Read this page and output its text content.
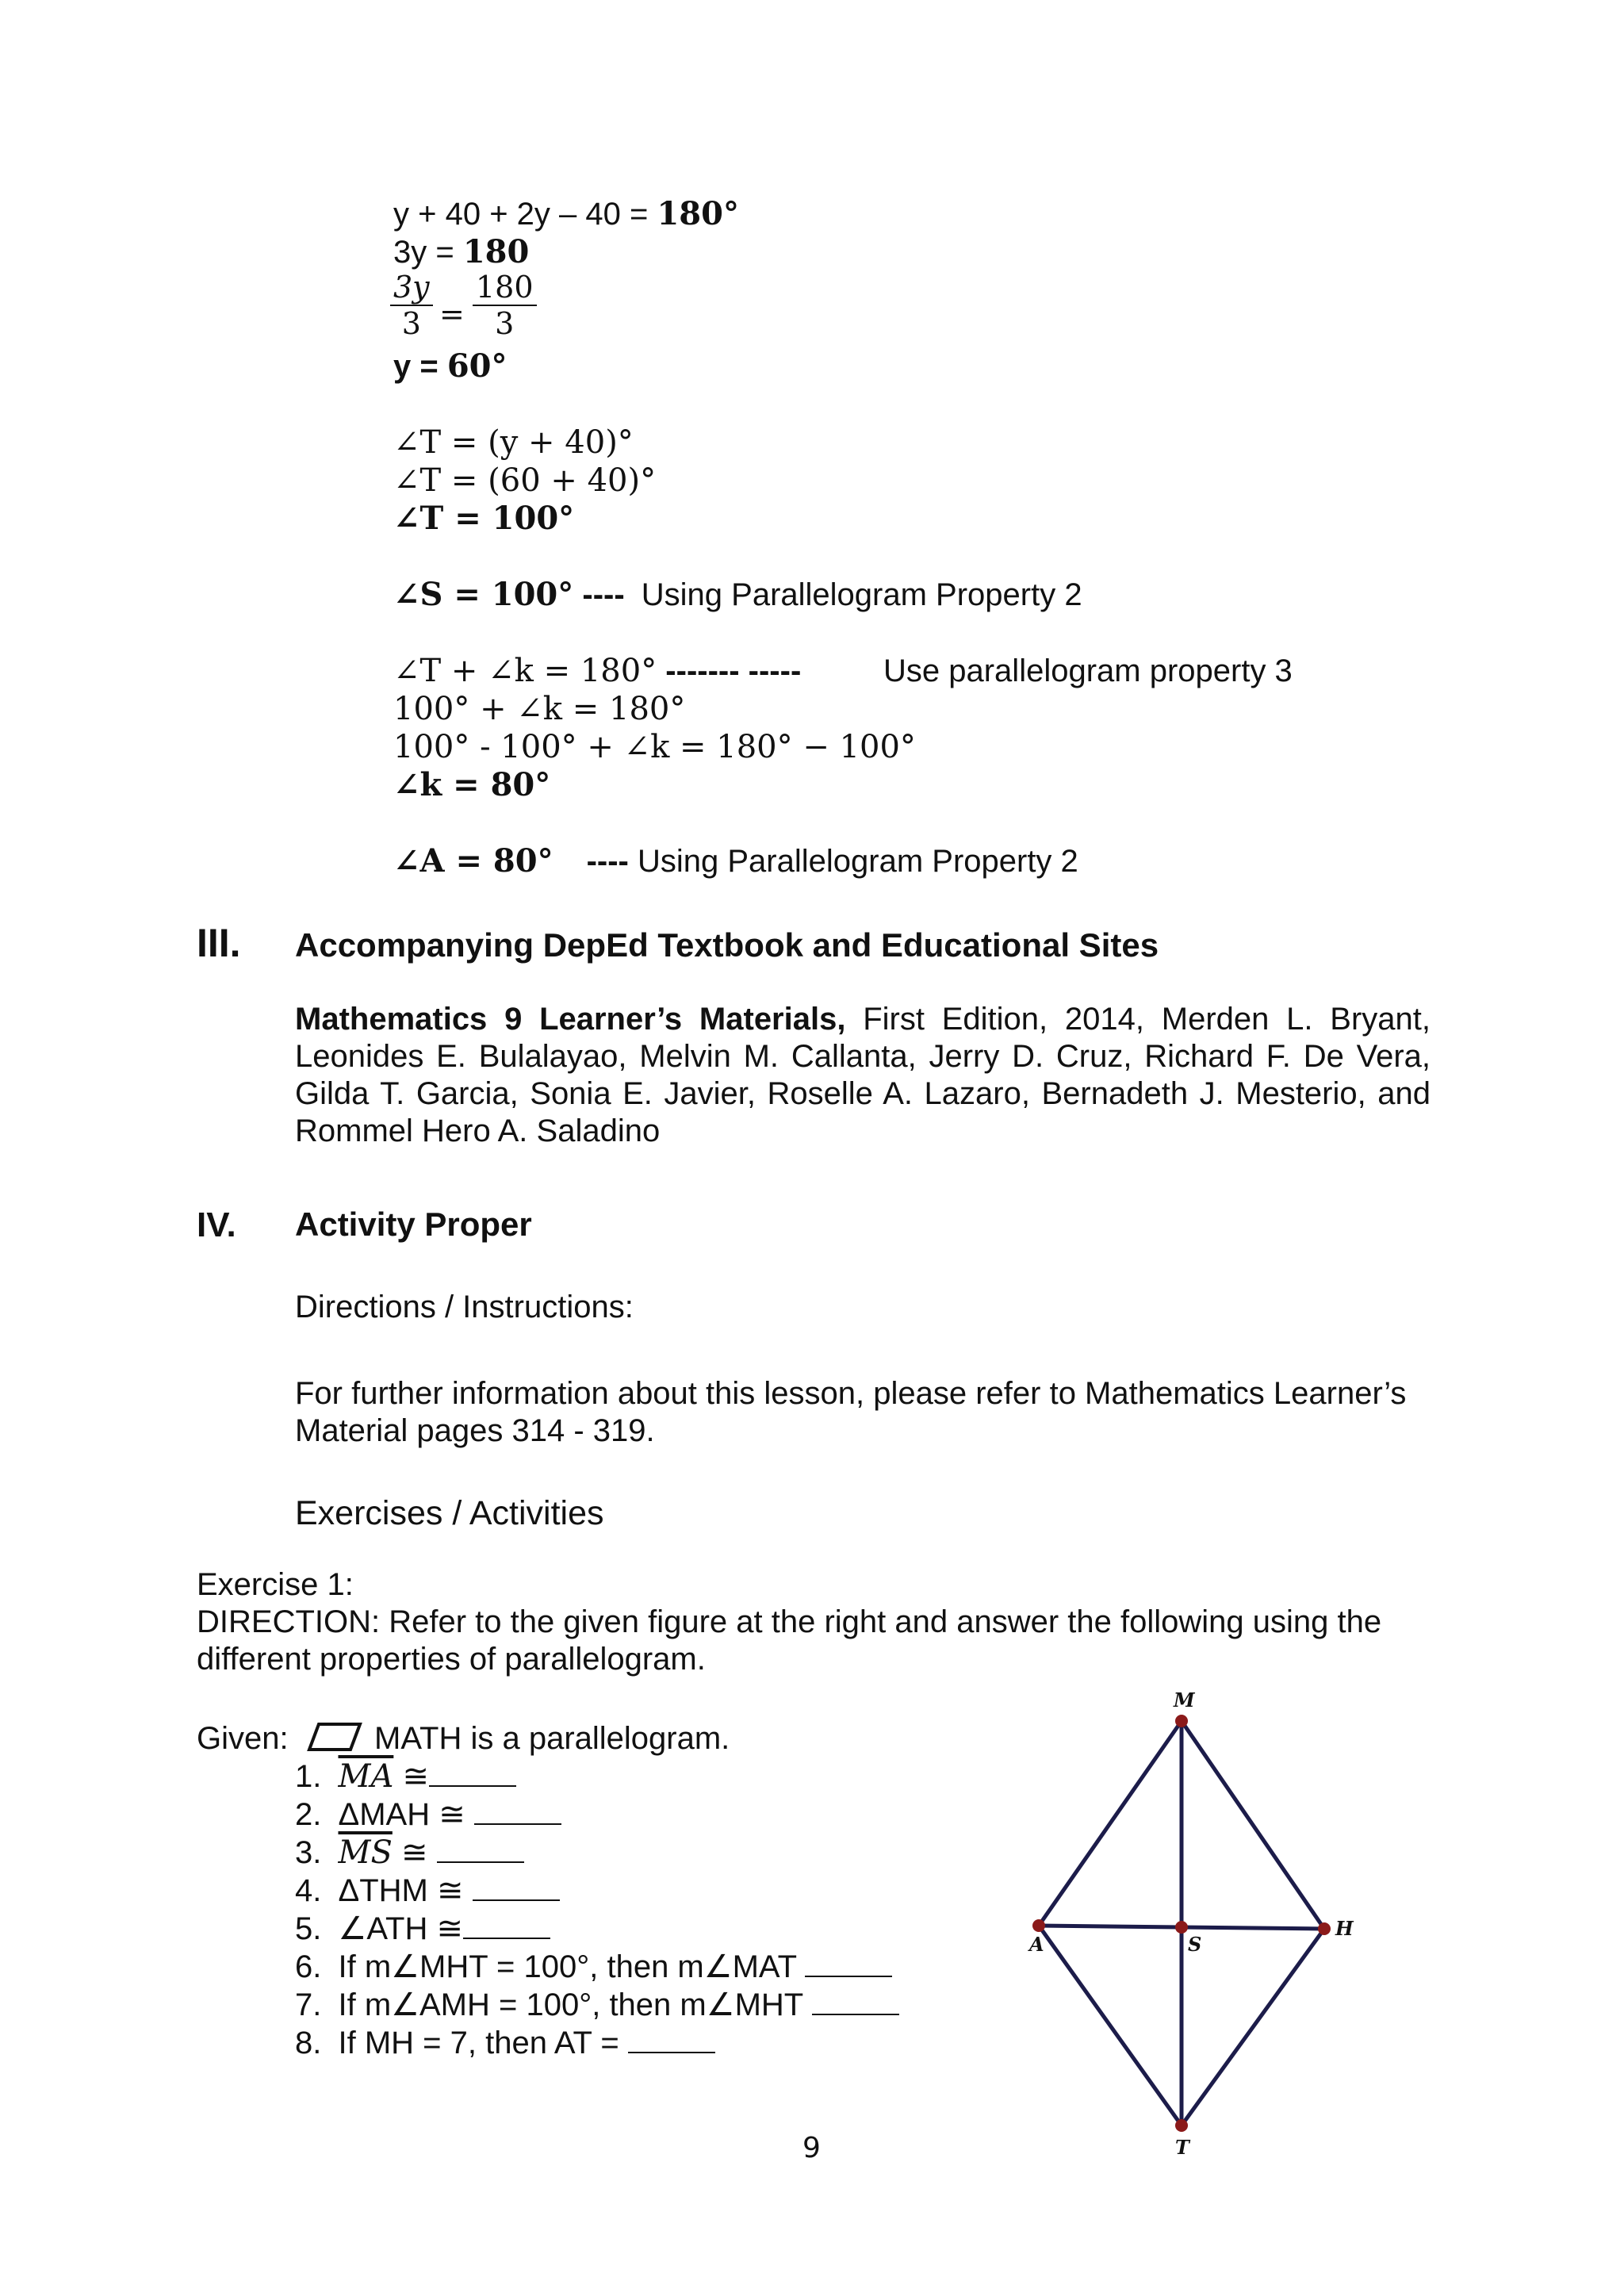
y + 40 + 2y – 40 = 180°
3y = 180
$\frac{3y}{3} = \frac{180}{3}$
y = 60°
∠T = (y + 40)°
∠T = (60 + 40)°
∠T = 100°
∠S = 100° ---- Using Parallelogram Property 2
∠T + ∠k = 180° ------- -----	Use parallelogram property 3
100° + ∠k = 180°
100° - 100° + ∠k = 180° − 100°
∠k = 80°
∠A = 80° ---- Using Parallelogram Property 2
III. Accompanying DepEd Textbook and Educational Sites
Mathematics 9 Learner’s Materials, First Edition, 2014, Merden L. Bryant, Leonides E. Bulalayao, Melvin M. Callanta, Jerry D. Cruz, Richard F. De Vera, Gilda T. Garcia, Sonia E. Javier, Roselle A. Lazaro, Bernadeth J. Mesterio, and Rommel Hero A. Saladino
IV. Activity Proper
Directions / Instructions:
For further information about this lesson, please refer to Mathematics Learner’s Material pages 314 - 319.
Exercises / Activities
Exercise 1:
DIRECTION: Refer to the given figure at the right and answer the following using the different properties of parallelogram.
Given:	MATH is a parallelogram.
1. $\overline{MA}$ ≅
2. ΔMAH ≅
3. $\overline{MS}$ ≅
4. ΔTHM ≅
5. ∠ATH ≅
6. If m∠MHT = 100°, then m∠MAT
7. If m∠AMH = 100°, then m∠MHT
8. If MH = 7, then AT =
M
A
H
S
T
9
